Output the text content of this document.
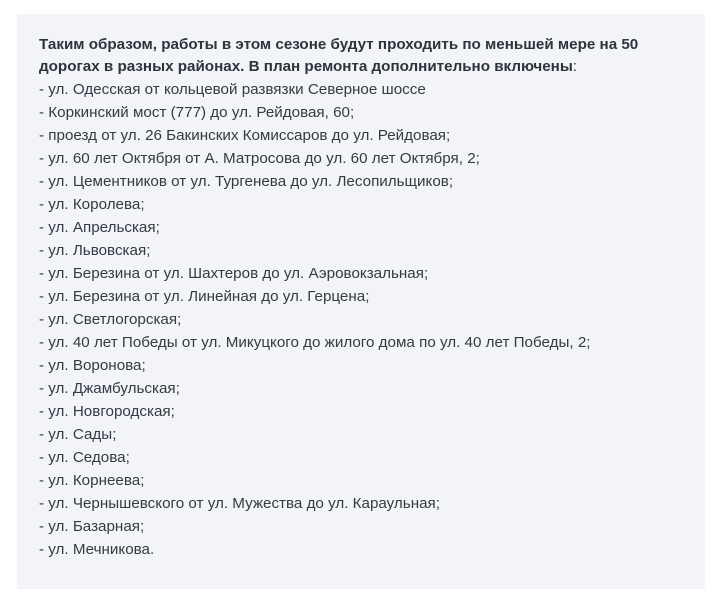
Таким образом, работы в этом сезоне будут проходить по меньшей мере на 50 дорогах в разных районах. В план ремонта дополнительно включены:

- ул. Одесская от кольцевой развязки Северное шоссе
- Коркинский мост (777) до ул. Рейдовая, 60;
- проезд от ул. 26 Бакинских Комиссаров до ул. Рейдовая;
- ул. 60 лет Октября от А. Матросова до ул. 60 лет Октября, 2;
- ул. Цементников от ул. Тургенева до ул. Лесопильщиков;
- ул. Королева;
- ул. Апрельская;
- ул. Львовская;
- ул. Березина от ул. Шахтеров до ул. Аэровокзальная;
- ул. Березина от ул. Линейная до ул. Герцена;
- ул. Светлогорская;
- ул. 40 лет Победы от ул. Микуцкого до жилого дома по ул. 40 лет Победы, 2;
- ул. Воронова;
- ул. Джамбульская;
- ул. Новгородская;
- ул. Сады;
- ул. Седова;
- ул. Корнеева;
- ул. Чернышевского от ул. Мужества до ул. Караульная;
- ул. Базарная;
- ул. Мечникова.
